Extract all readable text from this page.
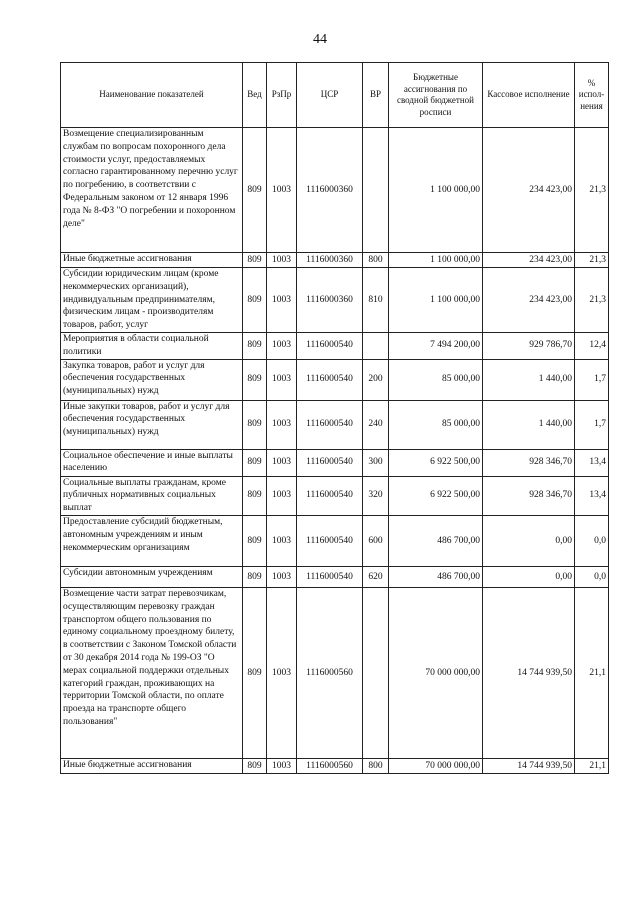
44
Наименование показателей	Вед	РзПр	ЦСР	ВР	Бюджетные ассигнования по сводной бюджетной росписи	Кассовое исполнение	% испол-нения
Возмещение специализированным службам по вопросам похоронного дела стоимости услуг, предоставляемых согласно гарантированному перечню услуг по погребению, в соответствии с Федеральным законом от 12 января 1996 года № 8-ФЗ "О погребении и похоронном деле"	809	1003	1116000360		1 100 000,00	234 423,00	21,3
Иные бюджетные ассигнования	809	1003	1116000360	800	1 100 000,00	234 423,00	21,3
Субсидии юридическим лицам (кроме некоммерческих организаций), индивидуальным предпринимателям, физическим лицам - производителям товаров, работ, услуг	809	1003	1116000360	810	1 100 000,00	234 423,00	21,3
Мероприятия в области социальной политики	809	1003	1116000540		7 494 200,00	929 786,70	12,4
Закупка товаров, работ и услуг для обеспечения государственных (муниципальных) нужд	809	1003	1116000540	200	85 000,00	1 440,00	1,7
Иные закупки товаров, работ и услуг для обеспечения государственных (муниципальных) нужд	809	1003	1116000540	240	85 000,00	1 440,00	1,7
Социальное обеспечение и иные выплаты населению	809	1003	1116000540	300	6 922 500,00	928 346,70	13,4
Социальные выплаты гражданам, кроме публичных нормативных социальных выплат	809	1003	1116000540	320	6 922 500,00	928 346,70	13,4
Предоставление субсидий бюджетным, автономным учреждениям и иным некоммерческим организациям	809	1003	1116000540	600	486 700,00	0,00	0,0
Субсидии автономным учреждениям	809	1003	1116000540	620	486 700,00	0,00	0,0
Возмещение части затрат перевозчикам, осуществляющим перевозку граждан транспортом общего пользования по единому социальному проездному билету, в соответствии с Законом Томской области от 30 декабря 2014 года № 199-ОЗ "О мерах социальной поддержки отдельных категорий граждан, проживающих на территории Томской области, по оплате проезда на транспорте общего пользования"	809	1003	1116000560		70 000 000,00	14 744 939,50	21,1
Иные бюджетные ассигнования	809	1003	1116000560	800	70 000 000,00	14 744 939,50	21,1
